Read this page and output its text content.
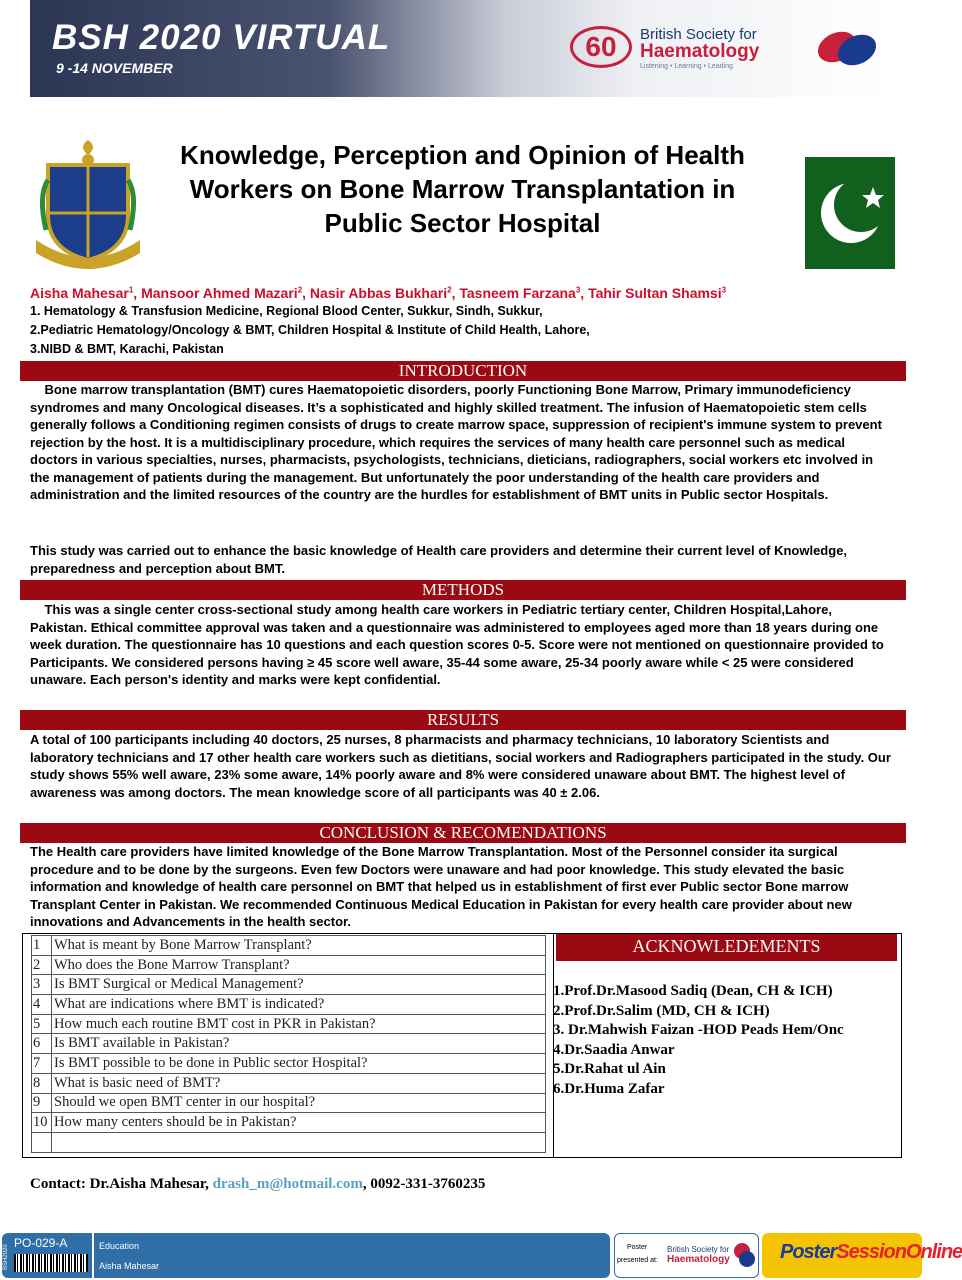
BSH 2020 VIRTUAL
9 -14 NOVEMBER
60	British Society for
Haematology
Listening • Learning • Leading
Knowledge, Perception and Opinion of Health Workers on Bone Marrow Transplantation in Public Sector Hospital
Aisha Mahesar$^1$, Mansoor Ahmed Mazari$^2$, Nasir Abbas Bukhari$^2$, Tasneem Farzana$^3$, Tahir Sultan Shamsi$^3$
1. Hematology & Transfusion Medicine, Regional Blood Center, Sukkur, Sindh, Sukkur,
2.Pediatric Hematology/Oncology & BMT, Children Hospital & Institute of Child Health, Lahore,
3.NIBD & BMT, Karachi, Pakistan
INTRODUCTION
Bone marrow transplantation (BMT) cures Haematopoietic disorders, poorly Functioning Bone Marrow, Primary immunodeficiency syndromes and many Oncological diseases. It’s a sophisticated and highly skilled treatment. The infusion of Haematopoietic stem cells generally follows a Conditioning regimen consists of drugs to create marrow space, suppression of recipient's immune system to prevent rejection by the host. It is a multidisciplinary procedure, which requires the services of many health care personnel such as medical doctors in various specialties, nurses, pharmacists, psychologists, technicians, dieticians, radiographers, social workers etc involved in the management of patients during the management. But unfortunately the poor understanding of the health care providers and administration and the limited resources of the country are the hurdles for establishment of BMT units in Public sector Hospitals.
This study was carried out to enhance the basic knowledge of Health care providers and determine their current level of Knowledge, preparedness and perception about BMT.
METHODS
This was a single center cross-sectional study among health care workers in Pediatric tertiary center, Children Hospital,Lahore, Pakistan. Ethical committee approval was taken and a questionnaire was administered to employees aged more than 18 years during one week duration. The questionnaire has 10 questions and each question scores 0-5. Score were not mentioned on questionnaire provided to Participants. We considered persons having ≥ 45 score well aware, 35-44 some aware, 25-34 poorly aware while < 25 were considered unaware. Each person's identity and marks were kept confidential.
RESULTS
A total of 100 participants including 40 doctors, 25 nurses, 8 pharmacists and pharmacy technicians, 10 laboratory Scientists and laboratory technicians and 17 other health care workers such as dietitians, social workers and Radiographers participated in the study. Our study shows 55% well aware, 23% some aware, 14% poorly aware and 8% were considered unaware about BMT. The highest level of awareness was among doctors. The mean knowledge score of all participants was 40 ± 2.06.
CONCLUSION & RECOMENDATIONS
The Health care providers have limited knowledge of the Bone Marrow Transplantation. Most of the Personnel consider ita surgical procedure and to be done by the surgeons. Even few Doctors were unaware and had poor knowledge. This study elevated the basic information and knowledge of health care personnel on BMT that helped us in establishment of first ever Public sector Bone marrow Transplant Center in Pakistan. We recommended Continuous Medical Education in Pakistan for every health care provider about new innovations and Advancements in the health sector.
1	What is meant by Bone Marrow Transplant?
2	Who does the Bone Marrow Transplant?
3	Is BMT Surgical or Medical Management?
4	What are indications where BMT is indicated?
5	How much each routine BMT cost in PKR in Pakistan?
6	Is BMT available in Pakistan?
7	Is BMT possible to be done in Public sector Hospital?
8	What is basic need of BMT?
9	Should we open BMT center in our hospital?
10	How many centers should be in Pakistan?

ACKNOWLEDEMENTS
1.Prof.Dr.Masood Sadiq (Dean, CH & ICH)
2.Prof.Dr.Salim (MD, CH & ICH)
3. Dr.Mahwish Faizan -HOD Peads Hem/Onc
4.Dr.Saadia Anwar
5.Dr.Rahat ul Ain
6.Dr.Huma Zafar
Contact: Dr.Aisha Mahesar, drash_m@hotmail.com, 0092-331-3760235
BSH2020
PO-029-A	Education
Aisha Mahesar
Poster
presented at:
British Society for
Haematology	PosterSessionOnline
